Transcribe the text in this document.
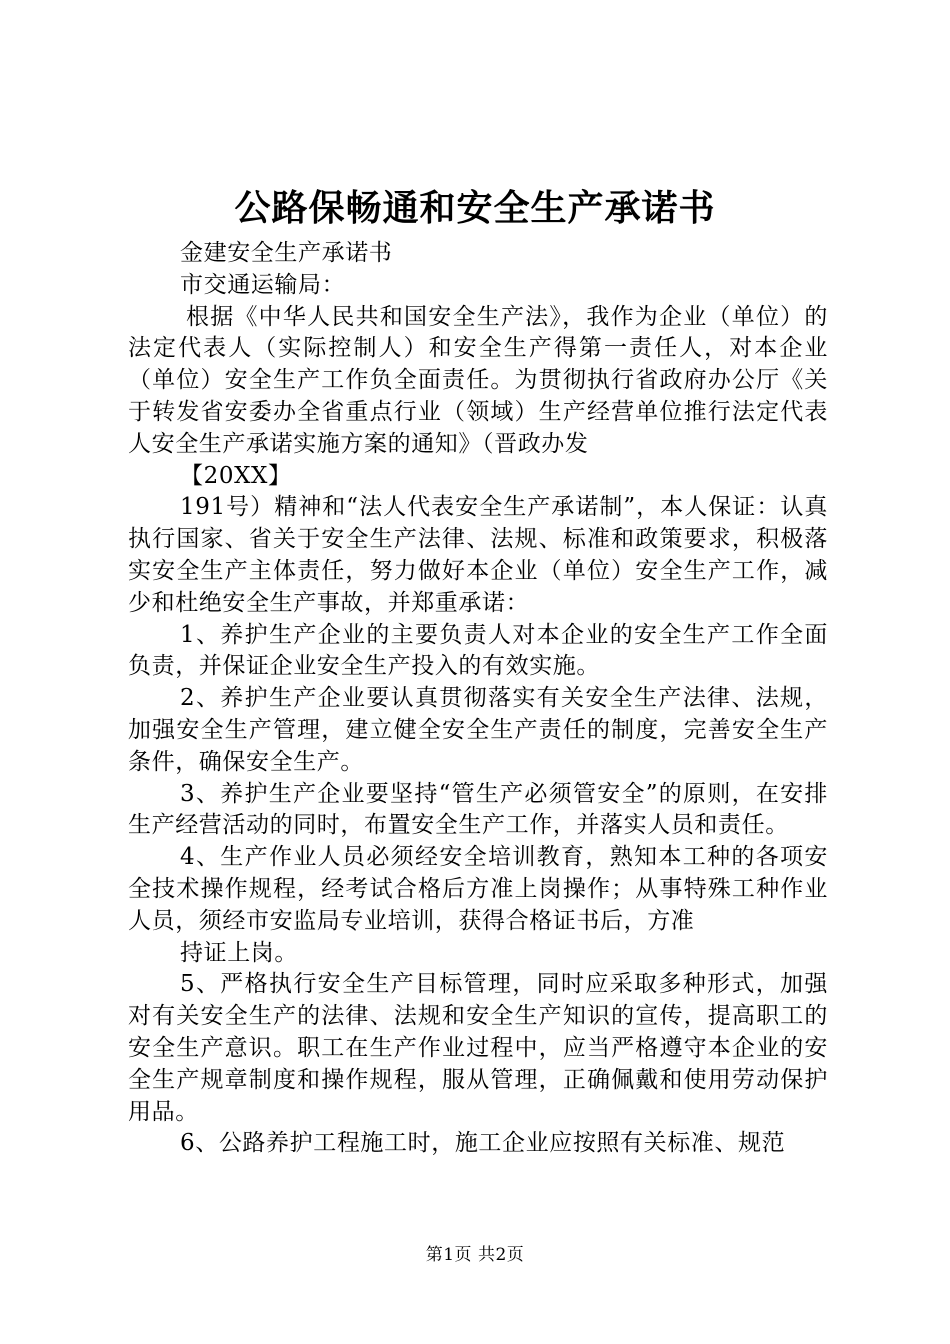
公路保畅通和安全生产承诺书

金建安全生产承诺书

市交通运输局：

根据《中华人民共和国安全生产法》，我作为企业（单位）的法定代表人（实际控制人）和安全生产得第一责任人，对本企业（单位）安全生产工作负全面责任。为贯彻执行省政府办公厅《关于转发省安委办全省重点行业（领域）生产经营单位推行法定代表人安全生产承诺实施方案的通知》（晋政办发

【20XX】

191号）精神和“法人代表安全生产承诺制”，本人保证：认真执行国家、省关于安全生产法律、法规、标准和政策要求，积极落实安全生产主体责任，努力做好本企业（单位）安全生产工作，减少和杜绝安全生产事故，并郑重承诺：

1、养护生产企业的主要负责人对本企业的安全生产工作全面负责，并保证企业安全生产投入的有效实施。

2、养护生产企业要认真贯彻落实有关安全生产法律、法规，加强安全生产管理，建立健全安全生产责任的制度，完善安全生产条件，确保安全生产。

3、养护生产企业要坚持“管生产必须管安全”的原则，在安排生产经营活动的同时，布置安全生产工作，并落实人员和责任。

4、生产作业人员必须经安全培训教育，熟知本工种的各项安全技术操作规程，经考试合格后方准上岗操作；从事特殊工种作业人员，须经市安监局专业培训，获得合格证书后，方准

持证上岗。

5、严格执行安全生产目标管理，同时应采取多种形式，加强对有关安全生产的法律、法规和安全生产知识的宣传，提高职工的安全生产意识。职工在生产作业过程中，应当严格遵守本企业的安全生产规章制度和操作规程，服从管理，正确佩戴和使用劳动保护用品。

6、公路养护工程施工时，施工企业应按照有关标准、规范

第1页 共2页
